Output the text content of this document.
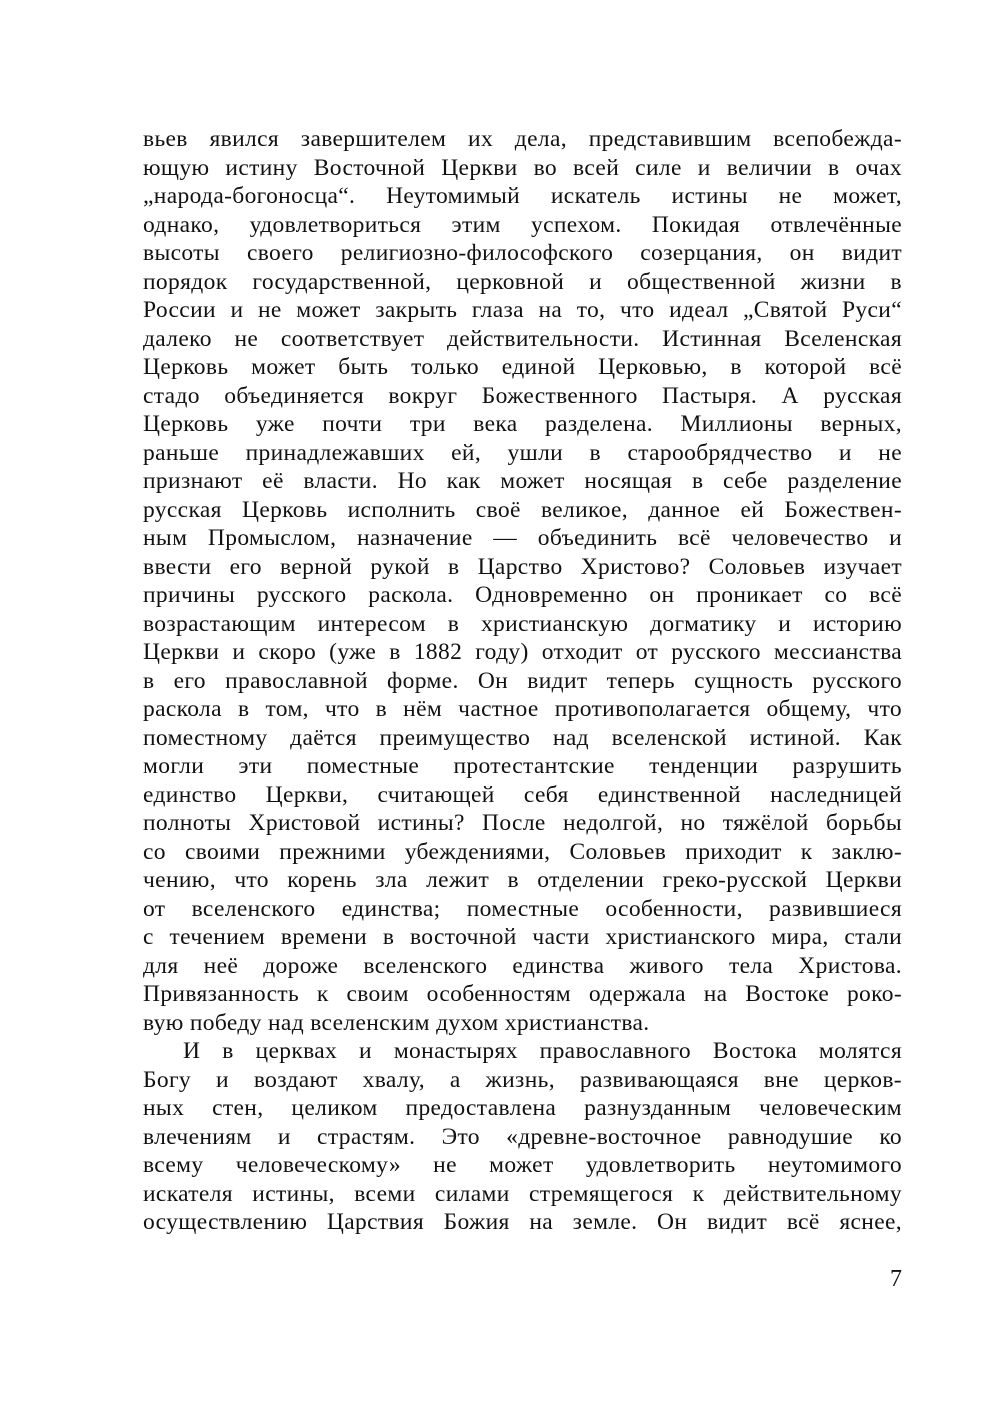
вьев явился завершителем их дела, представившим всепобежда-
ющую истину Восточной Церкви во всей силе и величии в очах
„народа-богоносца“. Неутомимый искатель истины не может,
однако, удовлетвориться этим успехом. Покидая отвлечённые
высоты своего религиозно-философского созерцания, он видит
порядок государственной, церковной и общественной жизни в
России и не может закрыть глаза на то, что идеал „Святой Руси“
далеко не соответствует действительности. Истинная Вселенская
Церковь может быть только единой Церковью, в которой всё
стадо объединяется вокруг Божественного Пастыря. А русская
Церковь уже почти три века разделена. Миллионы верных,
раньше принадлежавших ей, ушли в старообрядчество и не
признают её власти. Но как может носящая в себе разделение
русская Церковь исполнить своё великое, данное ей Божествен-
ным Промыслом, назначение — объединить всё человечество и
ввести его верной рукой в Царство Христово? Соловьев изучает
причины русского раскола. Одновременно он проникает со всё
возрастающим интересом в христианскую догматику и историю
Церкви и скоро (уже в 1882 году) отходит от русского мессианства
в его православной форме. Он видит теперь сущность русского
раскола в том, что в нём частное противополагается общему, что
поместному даётся преимущество над вселенской истиной. Как
могли эти поместные протестантские тенденции разрушить
единство Церкви, считающей себя единственной наследницей
полноты Христовой истины? После недолгой, но тяжёлой борьбы
со своими прежними убеждениями, Соловьев приходит к заклю-
чению, что корень зла лежит в отделении греко-русской Церкви
от вселенского единства; поместные особенности, развившиеся
с течением времени в восточной части христианского мира, стали
для неё дороже вселенского единства живого тела Христова.
Привязанность к своим особенностям одержала на Востоке роко-
вую победу над вселенским духом христианства.
И в церквах и монастырях православного Востока молятся
Богу и воздают хвалу, а жизнь, развивающаяся вне церков-
ных стен, целиком предоставлена разнузданным человеческим
влечениям и страстям. Это «древне-восточное равнодушие ко
всему человеческому» не может удовлетворить неутомимого
искателя истины, всеми силами стремящегося к действительному
осуществлению Царствия Божия на земле. Он видит всё яснее,
7
